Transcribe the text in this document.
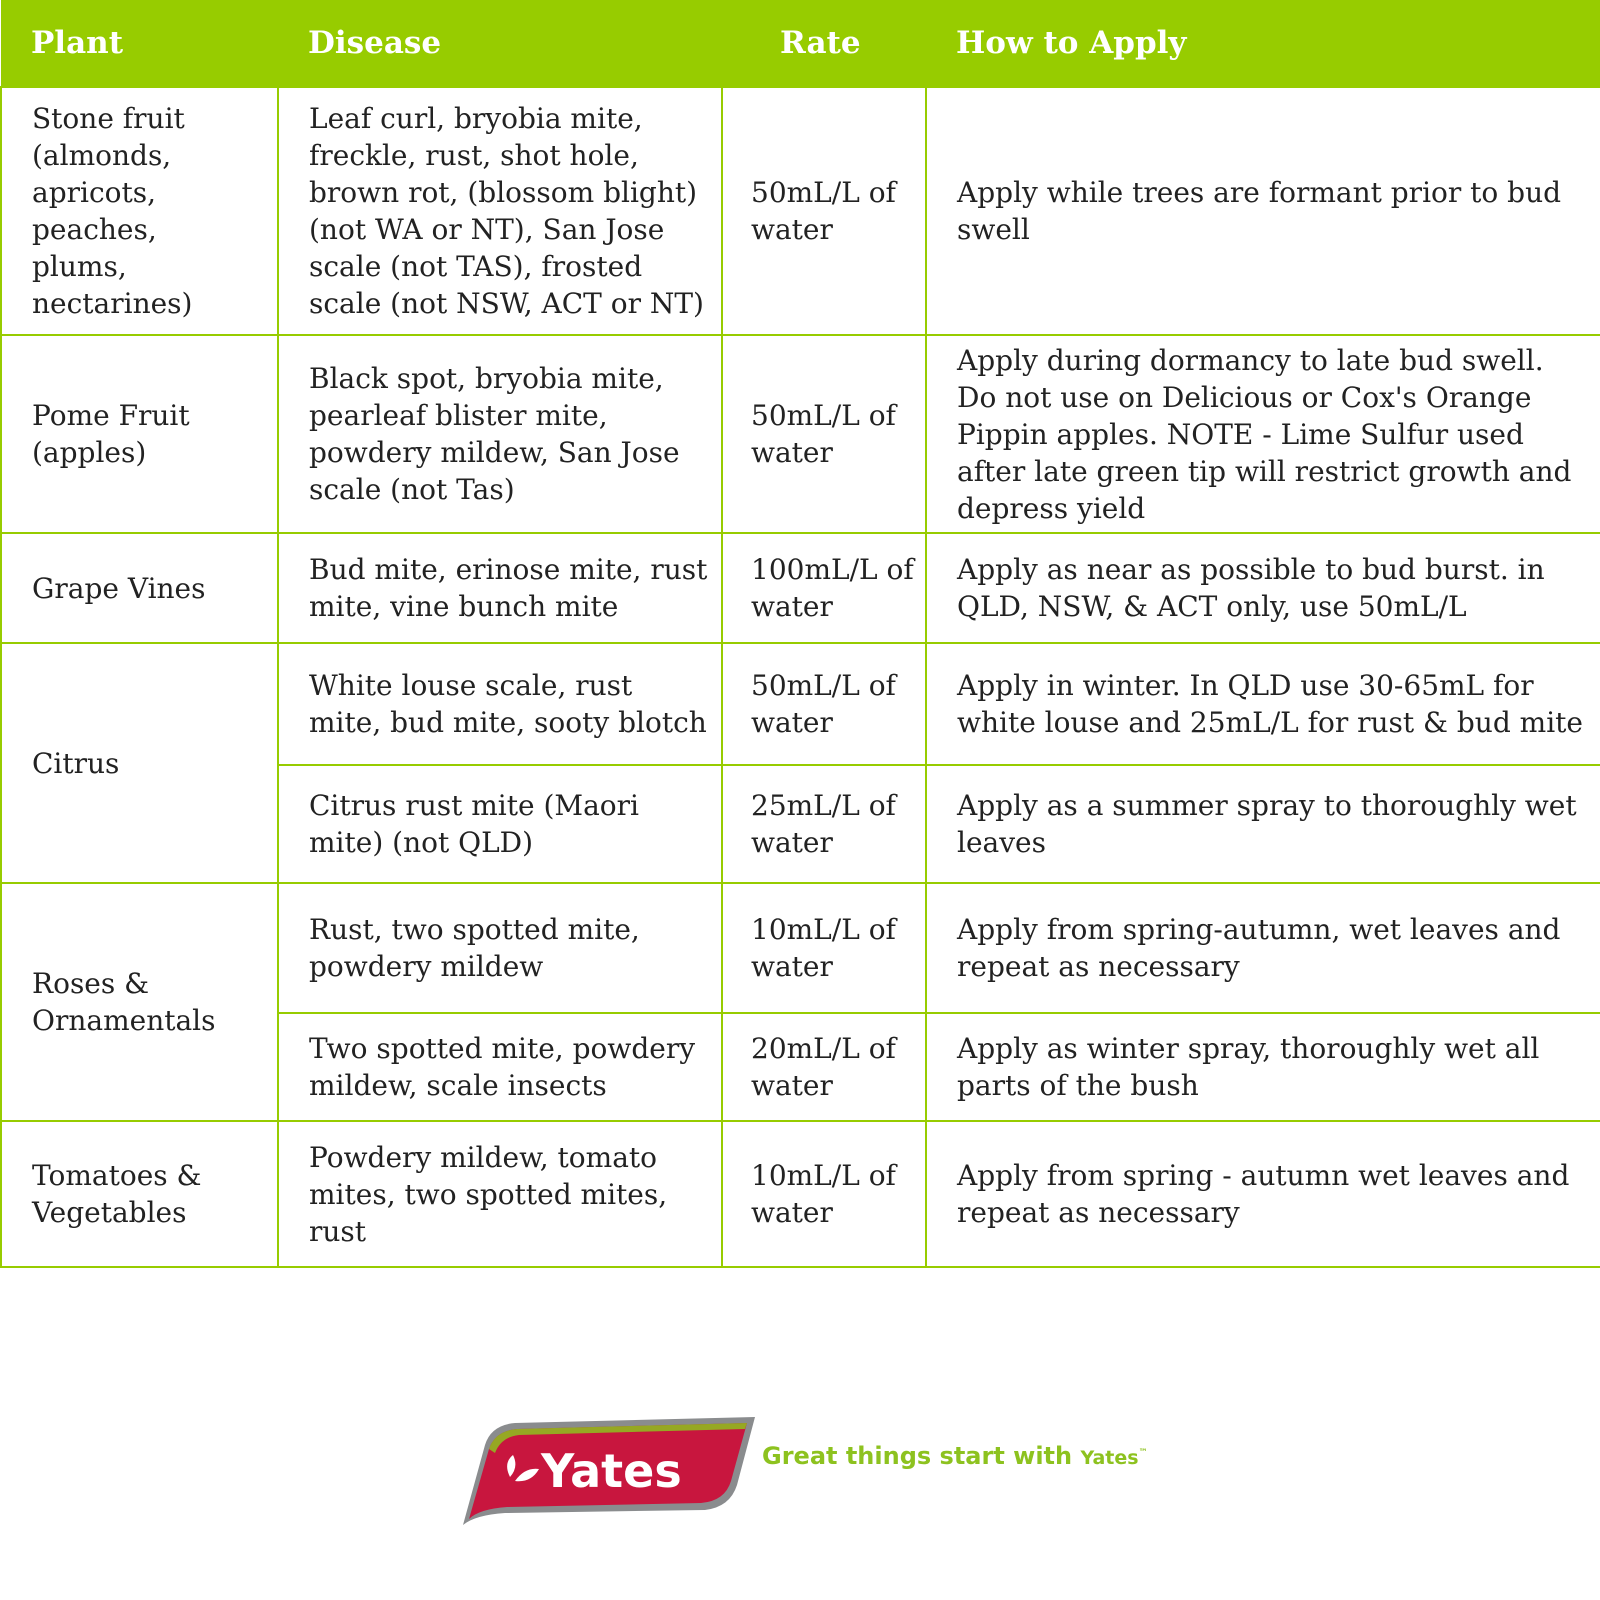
Plant	Disease	Rate	How to Apply
Stone fruit (almonds, apricots, peaches, plums, nectarines)	Leaf curl, bryobia mite, freckle, rust, shot hole, brown rot, (blossom blight) (not WA or NT), San Jose scale (not TAS), frosted scale (not NSW, ACT or NT)	50mL/L of water	Apply while trees are formant prior to bud swell
Pome Fruit (apples)	Black spot, bryobia mite, pearleaf blister mite, powdery mildew, San Jose scale (not Tas)	50mL/L of water	Apply during dormancy to late bud swell. Do not use on Delicious or Cox's Orange Pippin apples. NOTE - Lime Sulfur used after late green tip will restrict growth and depress yield
Grape Vines	Bud mite, erinose mite, rust mite, vine bunch mite	100mL/L of water	Apply as near as possible to bud burst. in QLD, NSW, & ACT only, use 50mL/L
Citrus	White louse scale, rust mite, bud mite, sooty blotch	50mL/L of water	Apply in winter. In QLD use 30-65mL for white louse and 25mL/L for rust & bud mite
	Citrus rust mite (Maori mite) (not QLD)	25mL/L of water	Apply as a summer spray to thoroughly wet leaves
Roses & Ornamentals	Rust, two spotted mite, powdery mildew	10mL/L of water	Apply from spring-autumn, wet leaves and repeat as necessary
	Two spotted mite, powdery mildew, scale insects	20mL/L of water	Apply as winter spray, thoroughly wet all parts of the bush
Tomatoes & Vegetables	Powdery mildew, tomato mites, two spotted mites, rust	10mL/L of water	Apply from spring - autumn wet leaves and repeat as necessary
Yates	Great things start with Yates™
